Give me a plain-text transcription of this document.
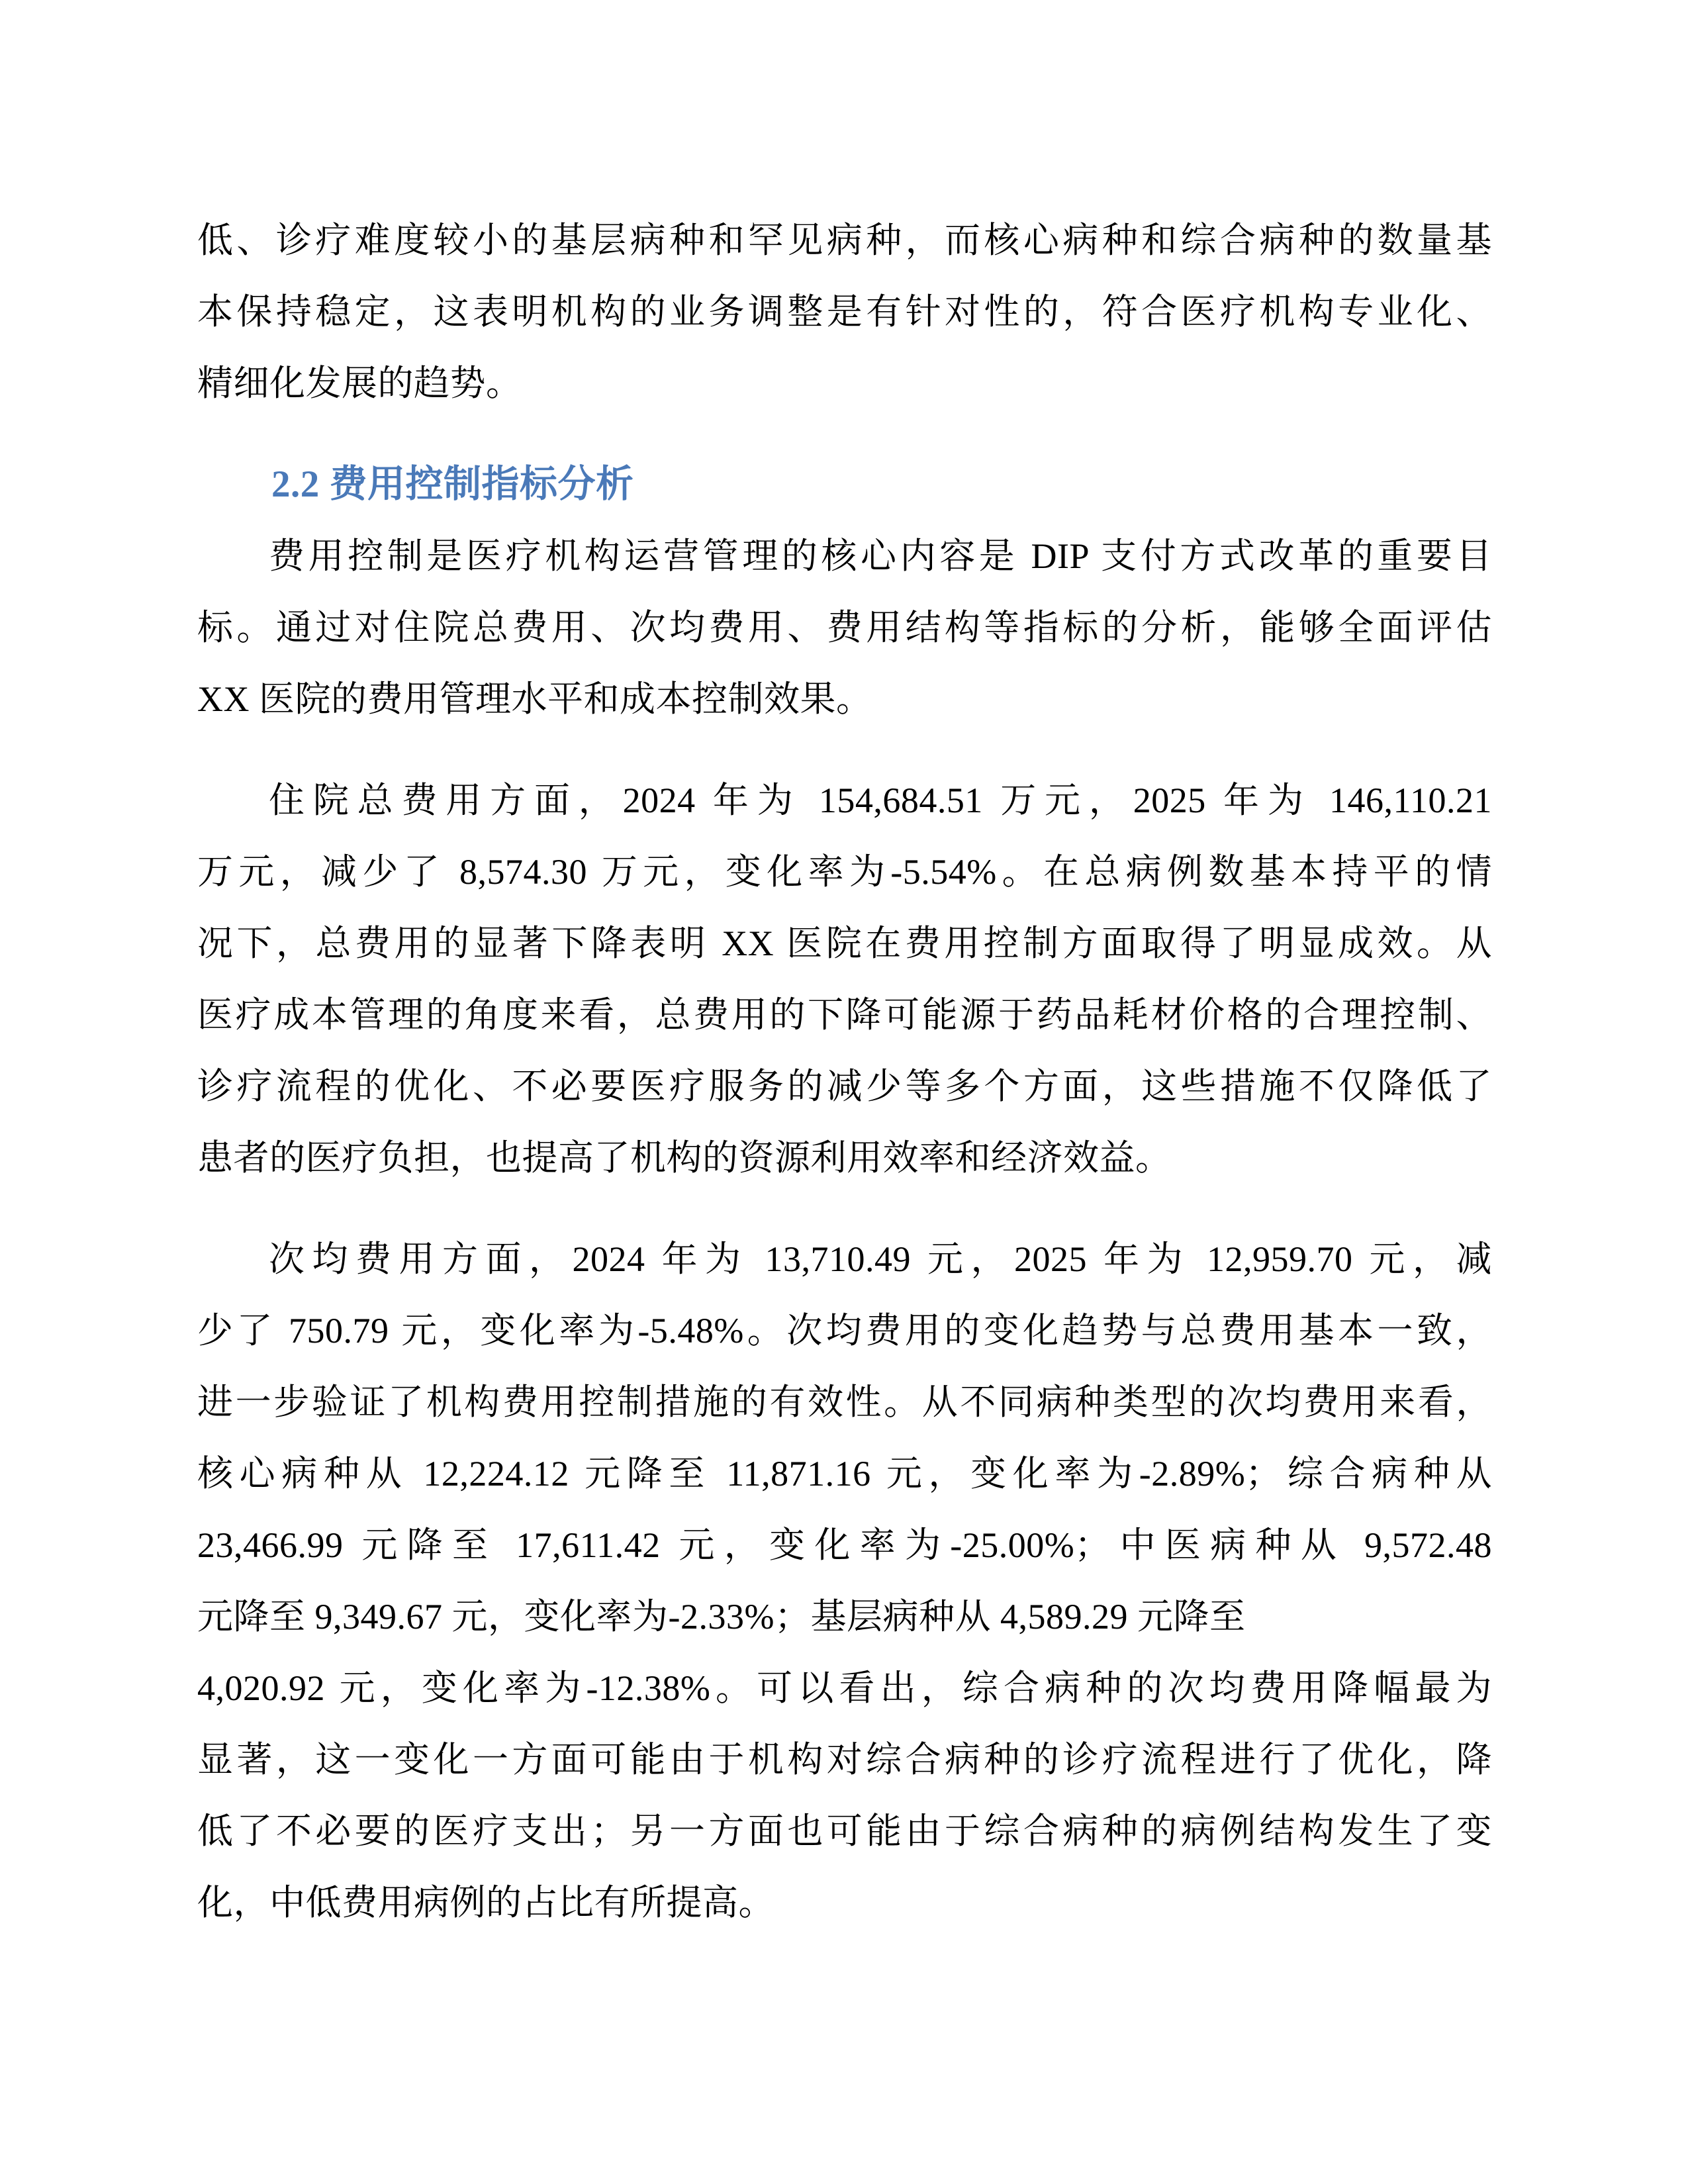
低、诊疗难度较小的基层病种和罕见病种，而核心病种和综合病种的数量基
本保持稳定，这表明机构的业务调整是有针对性的，符合医疗机构专业化、
精细化发展的趋势。
2.2 费用控制指标分析
费用控制是医疗机构运营管理的核心内容是 DIP 支付方式改革的重要目
标。通过对住院总费用、次均费用、费用结构等指标的分析，能够全面评估
XX 医院的费用管理水平和成本控制效果。
住院总费用方面，2024 年为 154,684.51 万元，2025 年为 146,110.21
万元，减少了 8,574.30 万元，变化率为-5.54%。在总病例数基本持平的情
况下，总费用的显著下降表明 XX 医院在费用控制方面取得了明显成效。从
医疗成本管理的角度来看，总费用的下降可能源于药品耗材价格的合理控制、
诊疗流程的优化、不必要医疗服务的减少等多个方面，这些措施不仅降低了
患者的医疗负担，也提高了机构的资源利用效率和经济效益。
次均费用方面，2024 年为 13,710.49 元，2025 年为 12,959.70 元，减
少了 750.79 元，变化率为-5.48%。次均费用的变化趋势与总费用基本一致，
进一步验证了机构费用控制措施的有效性。从不同病种类型的次均费用来看，
核心病种从 12,224.12 元降至 11,871.16 元，变化率为-2.89%；综合病种从
23,466.99 元降至 17,611.42 元，变化率为-25.00%；中医病种从 9,572.48
元降至 9,349.67 元，变化率为-2.33%；基层病种从 4,589.29 元降至
4,020.92 元，变化率为-12.38%。可以看出，综合病种的次均费用降幅最为
显著，这一变化一方面可能由于机构对综合病种的诊疗流程进行了优化，降
低了不必要的医疗支出；另一方面也可能由于综合病种的病例结构发生了变
化，中低费用病例的占比有所提高。
